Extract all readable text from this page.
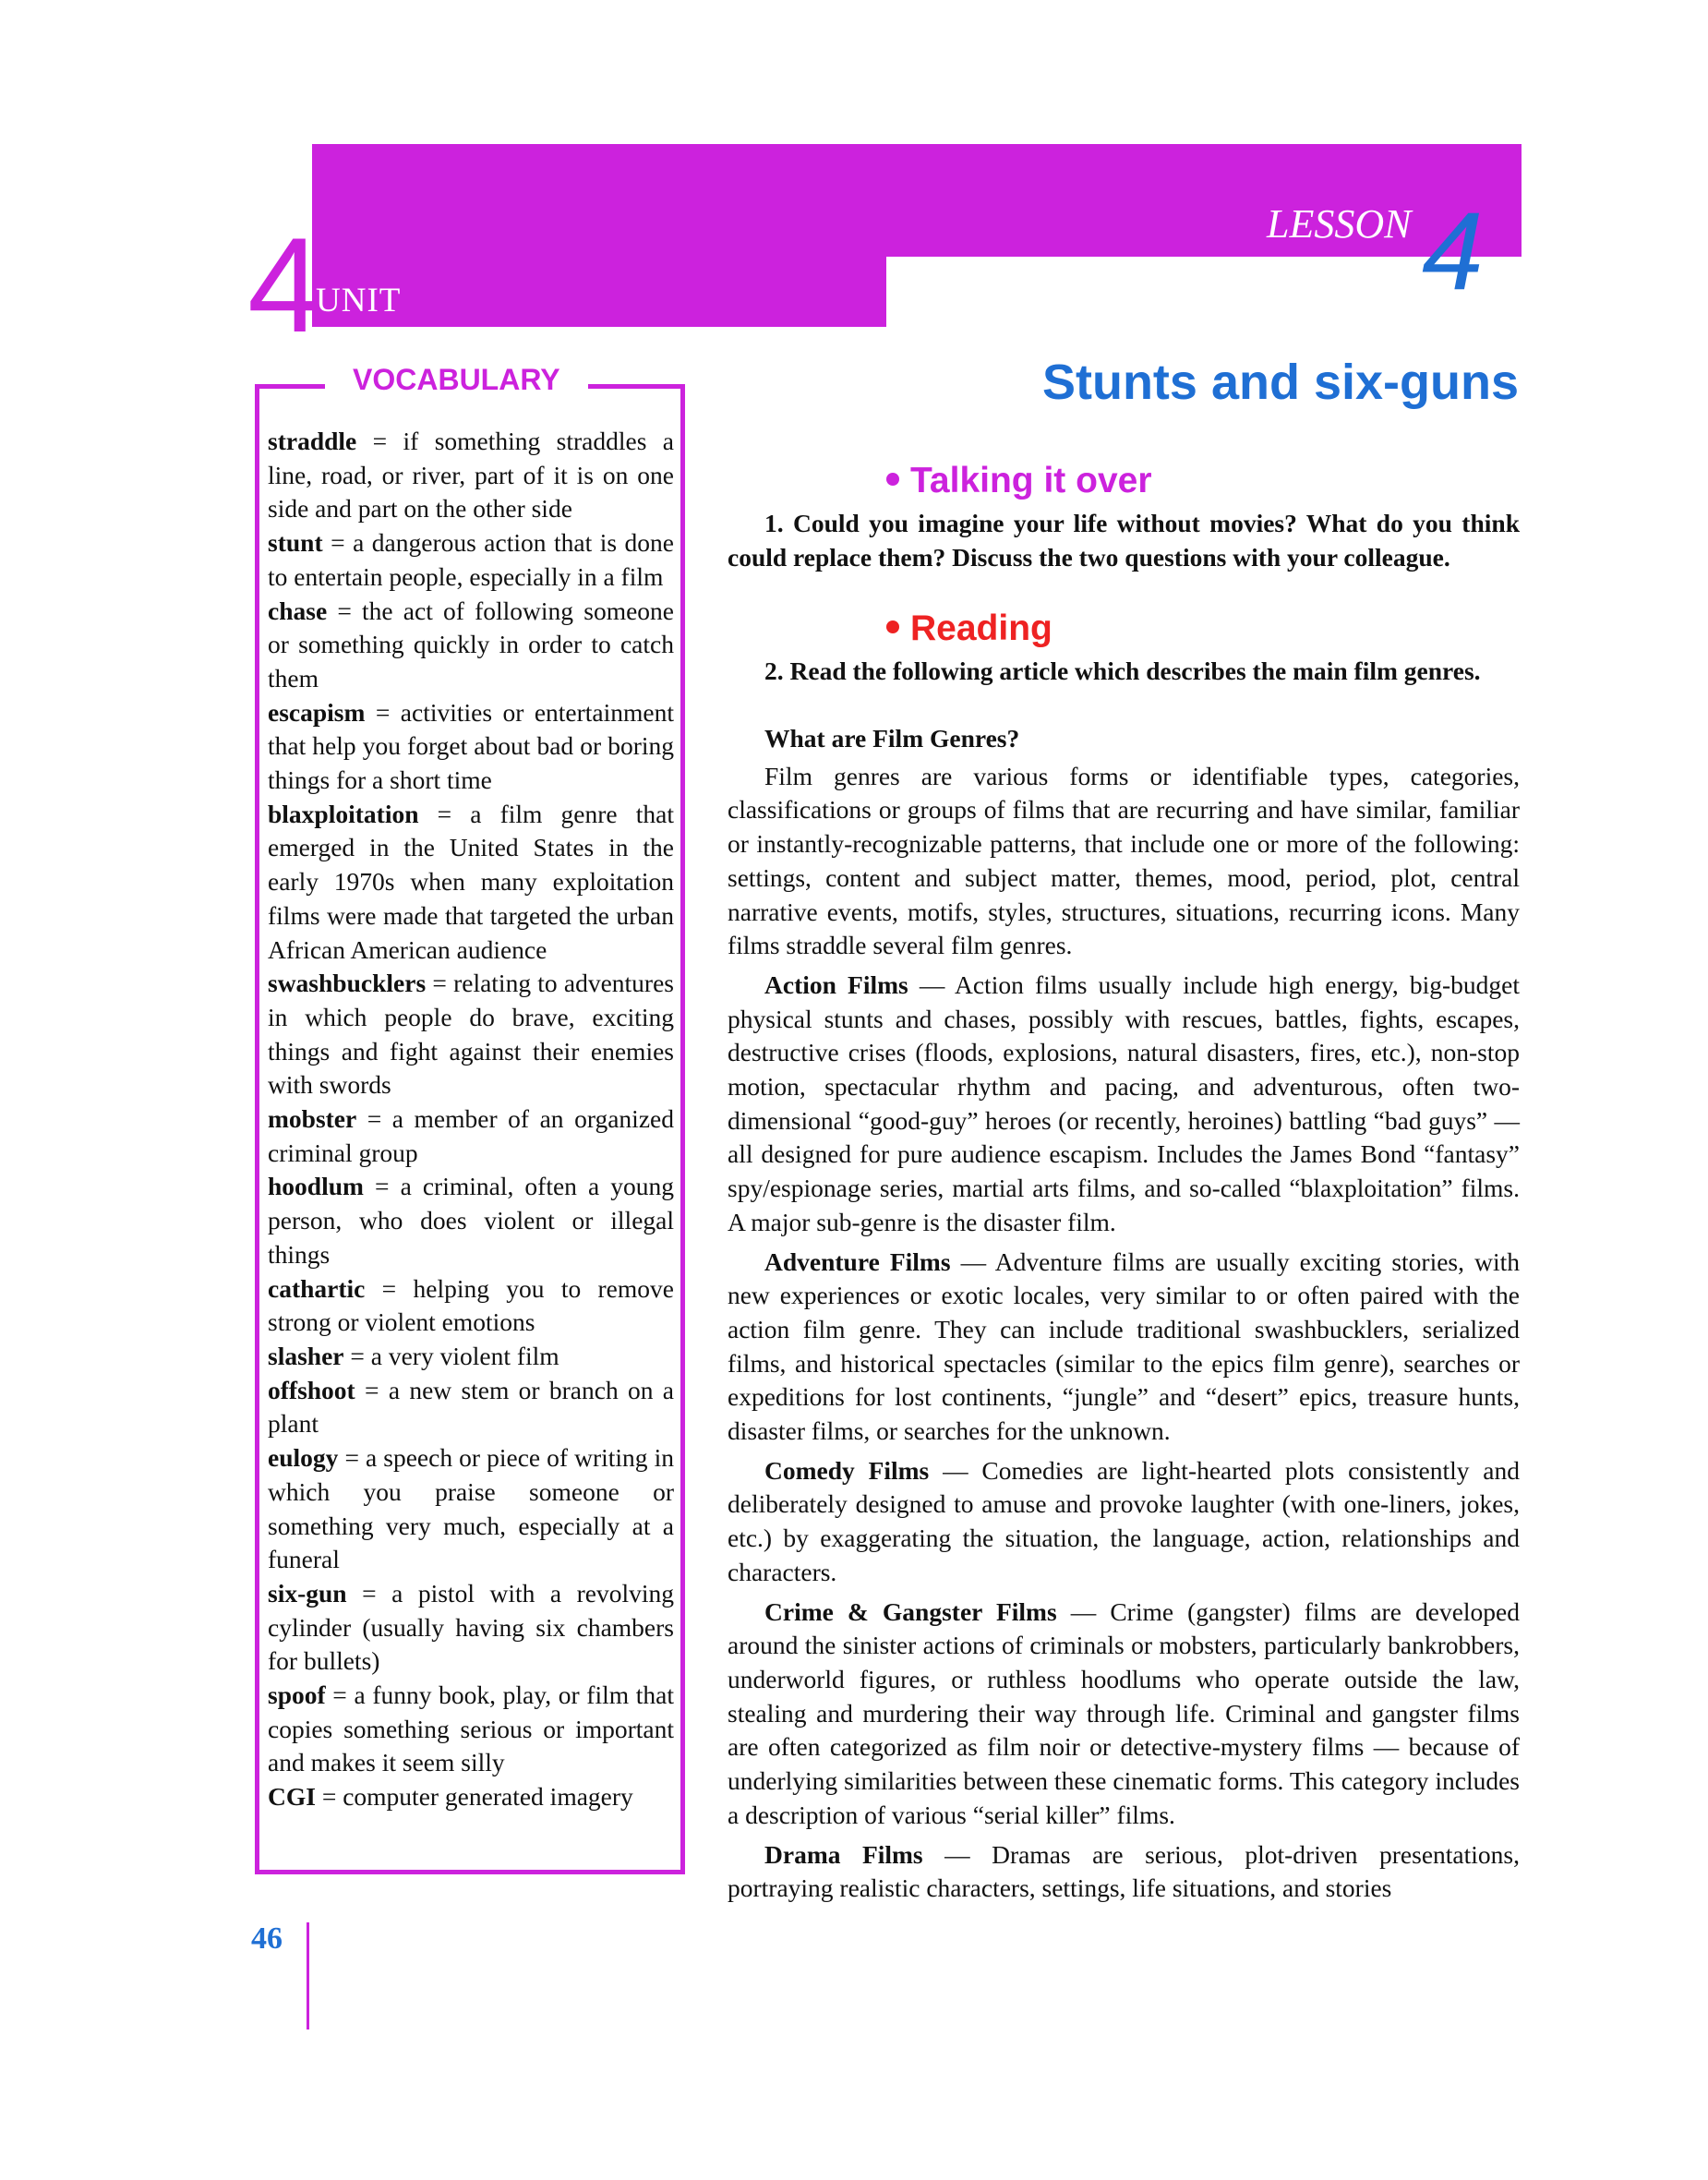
4
UNIT
LESSON 4
VOCABULARY
straddle = if something straddles a line, road, or river, part of it is on one side and part on the other side
stunt = a dangerous action that is done to entertain people, especially in a film
chase = the act of following someone or something quickly in order to catch them
escapism = activities or entertainment that help you forget about bad or boring things for a short time
blaxploitation = a film genre that emerged in the United States in the early 1970s when many exploitation films were made that targeted the urban African American audience
swashbucklers = relating to adventures in which people do brave, exciting things and fight against their enemies with swords
mobster = a member of an organized criminal group
hoodlum = a criminal, often a young person, who does violent or illegal things
cathartic = helping you to remove strong or violent emotions
slasher = a very violent film
offshoot = a new stem or branch on a plant
eulogy = a speech or piece of writing in which you praise someone or something very much, especially at a funeral
six-gun = a pistol with a revolving cylinder (usually having six chambers for bullets)
spoof = a funny book, play, or film that copies something serious or important and makes it seem silly
CGI = computer generated imagery
46
Stunts and six-guns
Talking it over
1. Could you imagine your life without movies? What do you think could replace them? Discuss the two questions with your colleague.
Reading
2. Read the following article which describes the main film genres.
What are Film Genres?

Film genres are various forms or identifiable types, categories, classifications or groups of films that are recurring and have similar, familiar or instantly-recognizable patterns, that include one or more of the following: settings, content and subject matter, themes, mood, period, plot, central narrative events, motifs, styles, structures, situations, recurring icons. Many films straddle several film genres.

Action Films — Action films usually include high energy, big-budget physical stunts and chases, possibly with rescues, battles, fights, escapes, destructive crises (floods, explosions, natural disasters, fires, etc.), non-stop motion, spectacular rhythm and pacing, and adventurous, often two-dimensional “good-guy” heroes (or recently, heroines) battling “bad guys” — all designed for pure audience escapism. Includes the James Bond “fantasy” spy/espionage series, martial arts films, and so-called “blaxploitation” films. A major sub-genre is the disaster film.

Adventure Films — Adventure films are usually exciting stories, with new experiences or exotic locales, very similar to or often paired with the action film genre. They can include traditional swashbucklers, serialized films, and historical spectacles (similar to the epics film genre), searches or expeditions for lost continents, “jungle” and “desert” epics, treasure hunts, disaster films, or searches for the unknown.

Comedy Films — Comedies are light-hearted plots consistently and deliberately designed to amuse and provoke laughter (with one-liners, jokes, etc.) by exaggerating the situation, the language, action, relationships and characters.

Crime & Gangster Films — Crime (gangster) films are developed around the sinister actions of criminals or mobsters, particularly bankrobbers, underworld figures, or ruthless hoodlums who operate outside the law, stealing and murdering their way through life. Criminal and gangster films are often categorized as film noir or detective-mystery films — because of underlying similarities between these cinematic forms. This category includes a description of various “serial killer” films.

Drama Films — Dramas are serious, plot-driven presentations, portraying realistic characters, settings, life situations, and stories
